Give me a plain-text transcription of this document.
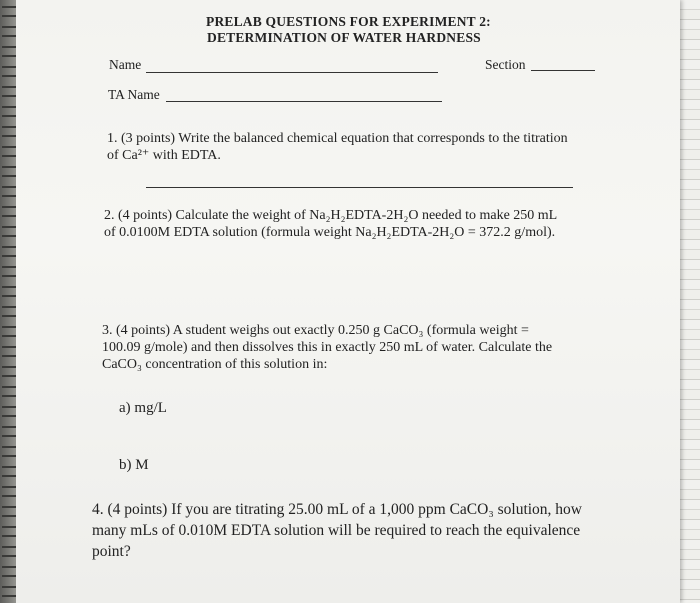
PRELAB QUESTIONS FOR EXPERIMENT 2:
DETERMINATION OF WATER HARDNESS
Name	Section
TA Name
1. (3 points) Write the balanced chemical equation that corresponds to the titration
of Ca²⁺ with EDTA.
2. (4 points) Calculate the weight of Na₂H₂EDTA-2H₂O needed to make 250 mL
of 0.0100M EDTA solution (formula weight Na₂H₂EDTA-2H₂O = 372.2 g/mol).
3. (4 points) A student weighs out exactly 0.250 g CaCO₃ (formula weight =
100.09 g/mole) and then dissolves this in exactly 250 mL of water. Calculate the
CaCO₃ concentration of this solution in:
a) mg/L
b) M
4. (4 points) If you are titrating 25.00 mL of a 1,000 ppm CaCO₃ solution, how
many mLs of 0.010M EDTA solution will be required to reach the equivalence
point?
